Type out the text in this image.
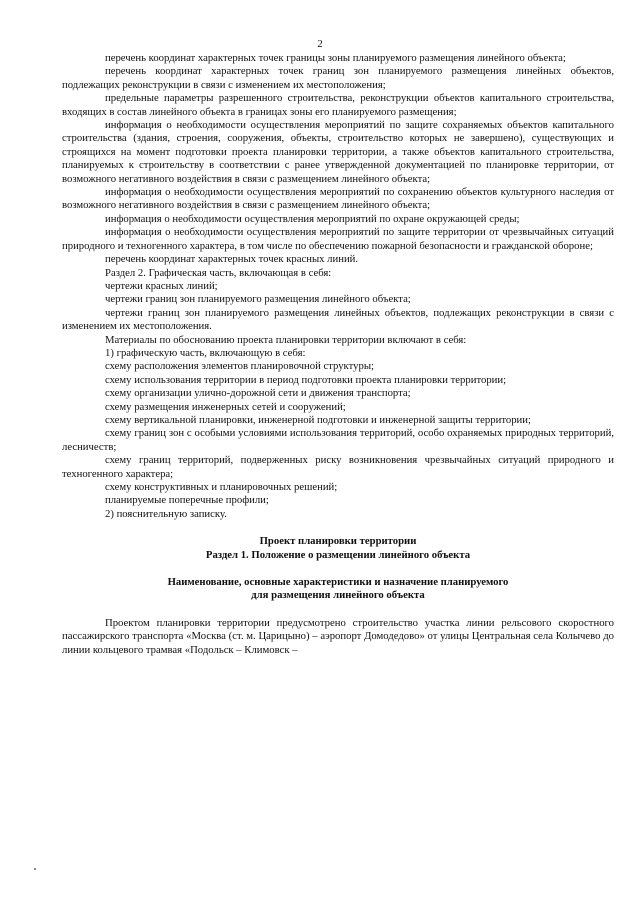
2

перечень координат характерных точек границы зоны планируемого размещения линейного объекта;

перечень координат характерных точек границ зон планируемого размещения линейных объектов, подлежащих реконструкции в связи с изменением их местоположения;

предельные параметры разрешенного строительства, реконструкции объектов капитального строительства, входящих в состав линейного объекта в границах зоны его планируемого размещения;

информация о необходимости осуществления мероприятий по защите сохраняемых объектов капитального строительства (здания, строения, сооружения, объекты, строительство которых не завершено), существующих и строящихся на момент подготовки проекта планировки территории, а также объектов капитального строительства, планируемых к строительству в соответствии с ранее утвержденной документацией по планировке территории, от возможного негативного воздействия в связи с размещением линейного объекта;

информация о необходимости осуществления мероприятий по сохранению объектов культурного наследия от возможного негативного воздействия в связи с размещением линейного объекта;

информация о необходимости осуществления мероприятий по охране окружающей среды;

информация о необходимости осуществления мероприятий по защите территории от чрезвычайных ситуаций природного и техногенного характера, в том числе по обеспечению пожарной безопасности и гражданской обороне;

перечень координат характерных точек красных линий.

Раздел 2. Графическая часть, включающая в себя:

чертежи красных линий;

чертежи границ зон планируемого размещения линейного объекта;

чертежи границ зон планируемого размещения линейных объектов, подлежащих реконструкции в связи с изменением их местоположения.

Материалы по обоснованию проекта планировки территории включают в себя:

1) графическую часть, включающую в себя:

схему расположения элементов планировочной структуры;

схему использования территории в период подготовки проекта планировки территории;

схему организации улично-дорожной сети и движения транспорта;

схему размещения инженерных сетей и сооружений;

схему вертикальной планировки, инженерной подготовки и инженерной защиты территории;

схему границ зон с особыми условиями использования территорий, особо охраняемых природных территорий, лесничеств;

схему границ территорий, подверженных риску возникновения чрезвычайных ситуаций природного и техногенного характера;

схему конструктивных и планировочных решений;

планируемые поперечные профили;

2) пояснительную записку.

Проект планировки территории

Раздел 1. Положение о размещении линейного объекта

Наименование, основные характеристики и назначение планируемого

для размещения линейного объекта

Проектом планировки территории предусмотрено строительство участка линии рельсового скоростного пассажирского транспорта «Москва (ст. м. Царицыно) – аэропорт Домодедово» от улицы Центральная села Колычево до линии кольцевого трамвая «Подольск – Климовск –
